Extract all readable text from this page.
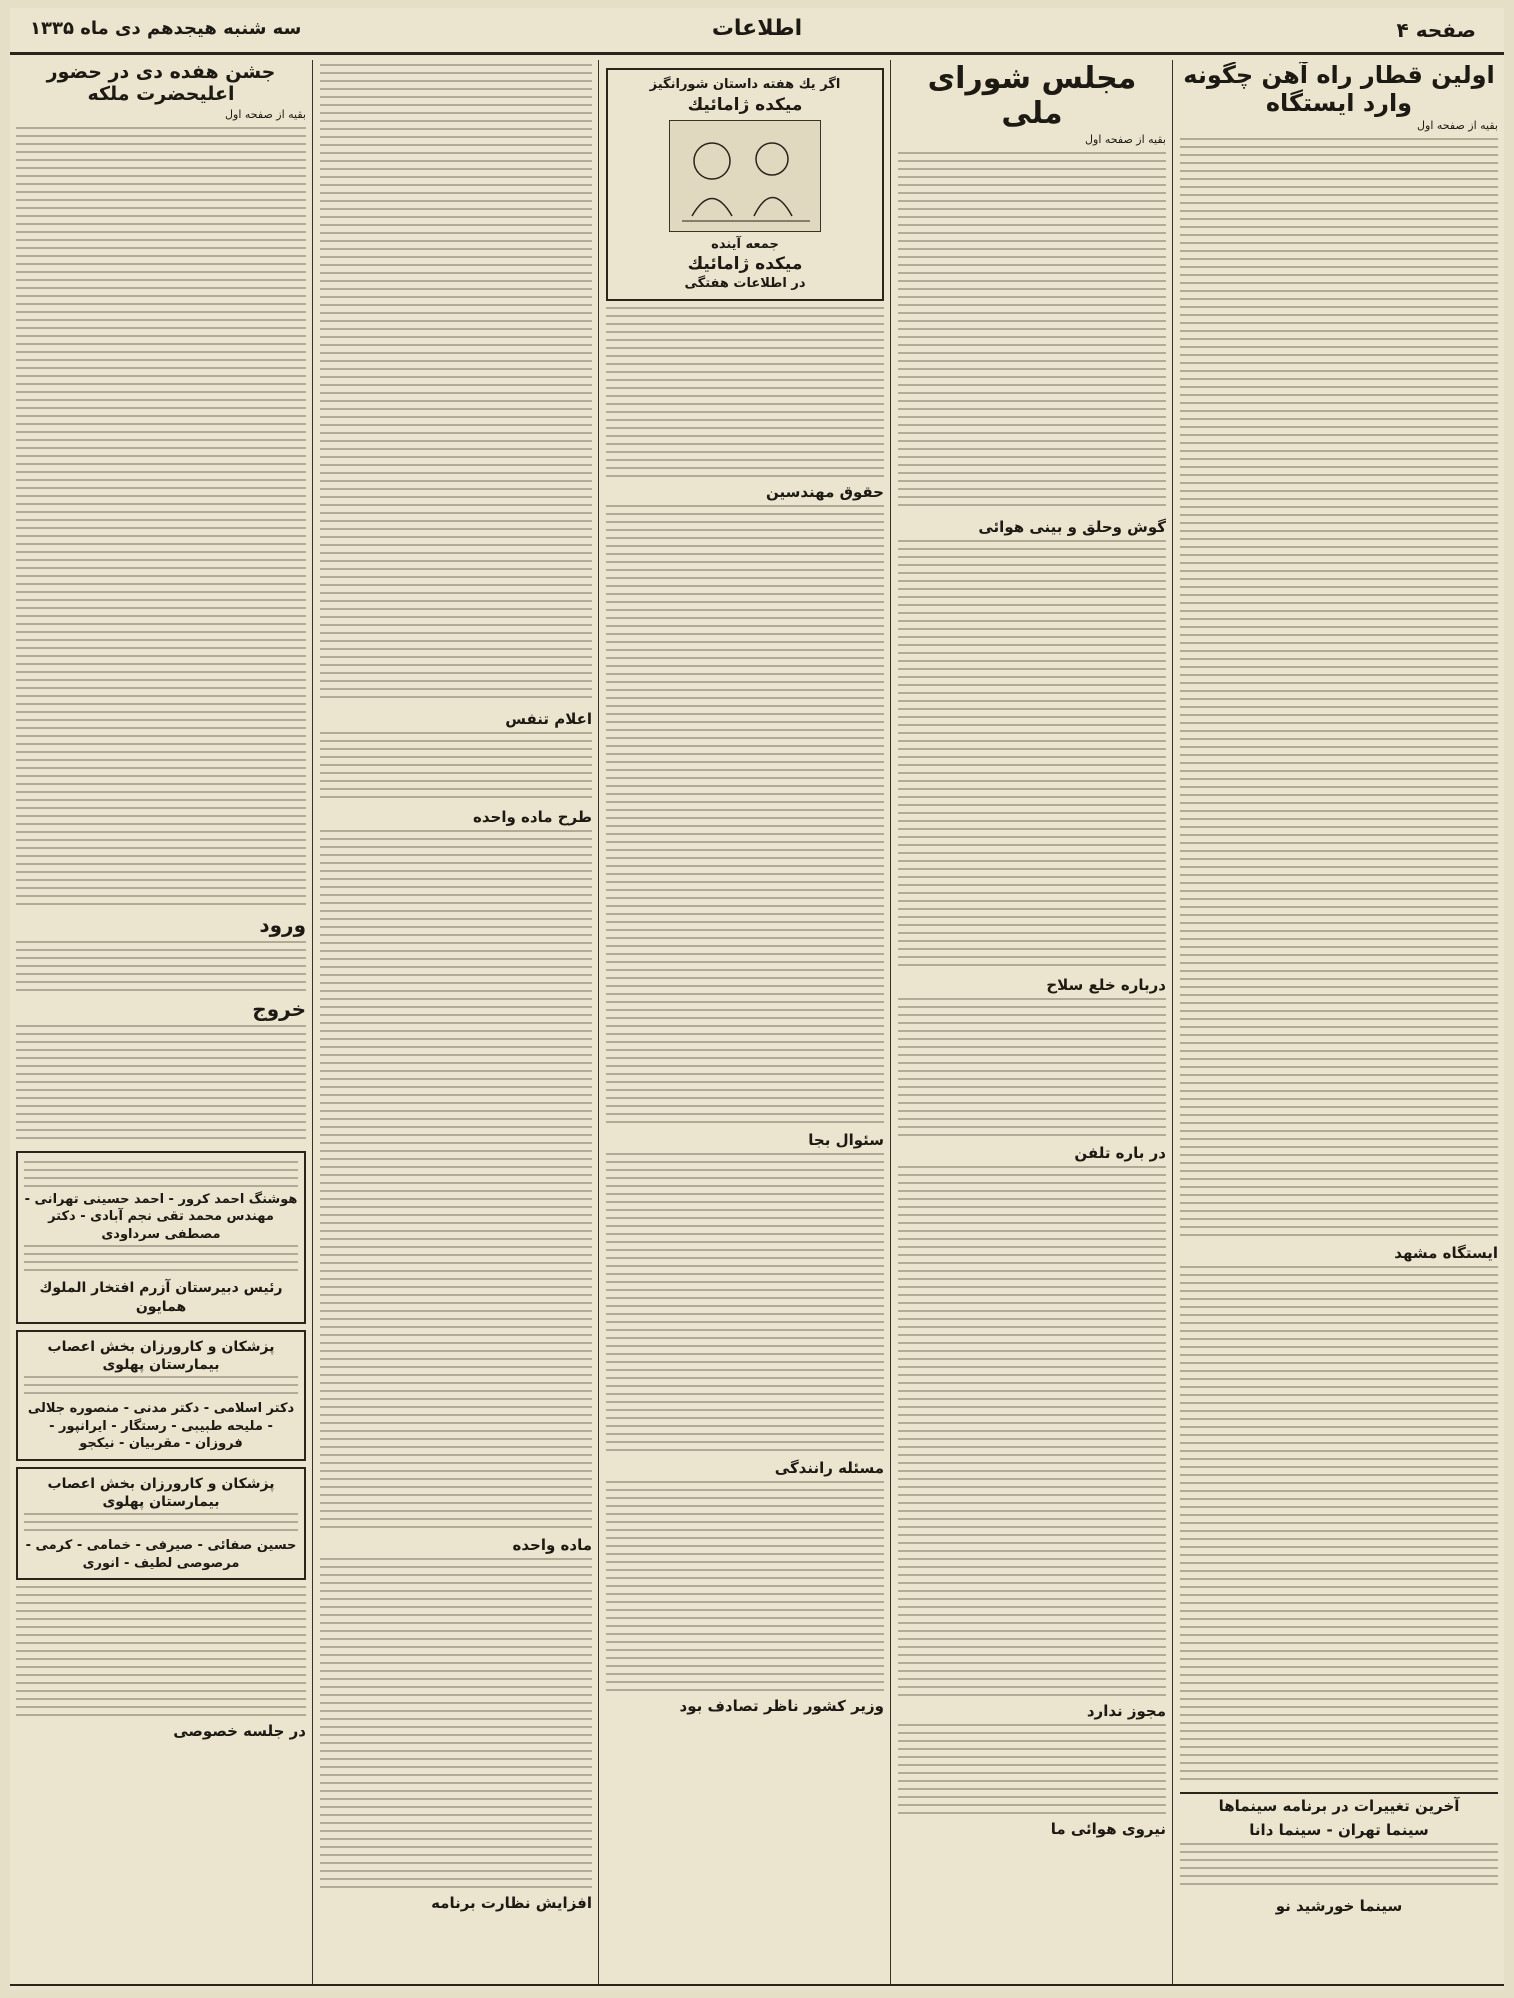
صفحه ۴
اطلاعات
سه شنبه هیجدهم دی ماه ۱۳۳۵
اولین قطار راه آهن چگونه وارد ایستگاه
بقیه از صفحه اول
ایستگاه مشهد
آخرین تغییرات در برنامه سینماها
سینما تهران - سینما دانا
سینما خورشید نو
مجلس شورای ملی
بقیه از صفحه اول
گوش وحلق و بینی هوائی
درباره خلع سلاح
در باره تلفن
مجوز ندارد
نیروی هوائی ما
اگر یك هفته داستان شورانگیز
میکده ژامائیك
جمعه آینده
میکده ژامائیك
در اطلاعات هفتگی
حقوق مهندسین
سئوال بجا
مسئله رانندگی
وزیر کشور ناظر تصادف بود
اعلام تنفس
طرح ماده واحده
ماده واحده
افزایش نظارت برنامه
جشن هفده دی در حضور اعلیحضرت ملکه
بقیه از صفحه اول
ورود
خروج
هوشنگ احمد کرور - احمد حسینی تهرانی - مهندس محمد تقی نجم آبادی - دکتر مصطفی سرداودی
رئیس دبیرستان آزرم افتخار الملوك همایون
پزشکان و کارورزان بخش اعصاب بیمارستان پهلوی
دکتر اسلامی - دکتر مدنی - منصوره جلالی - ملیحه طبیبی - رستگار - ایرانپور - فروزان - مقربیان - نیکجو
پزشکان و کارورزان بخش اعصاب بیمارستان پهلوی
حسین صفائی - صیرفی - خمامی - کرمی - مرصوصی لطیف - انوری
در جلسه خصوصی
